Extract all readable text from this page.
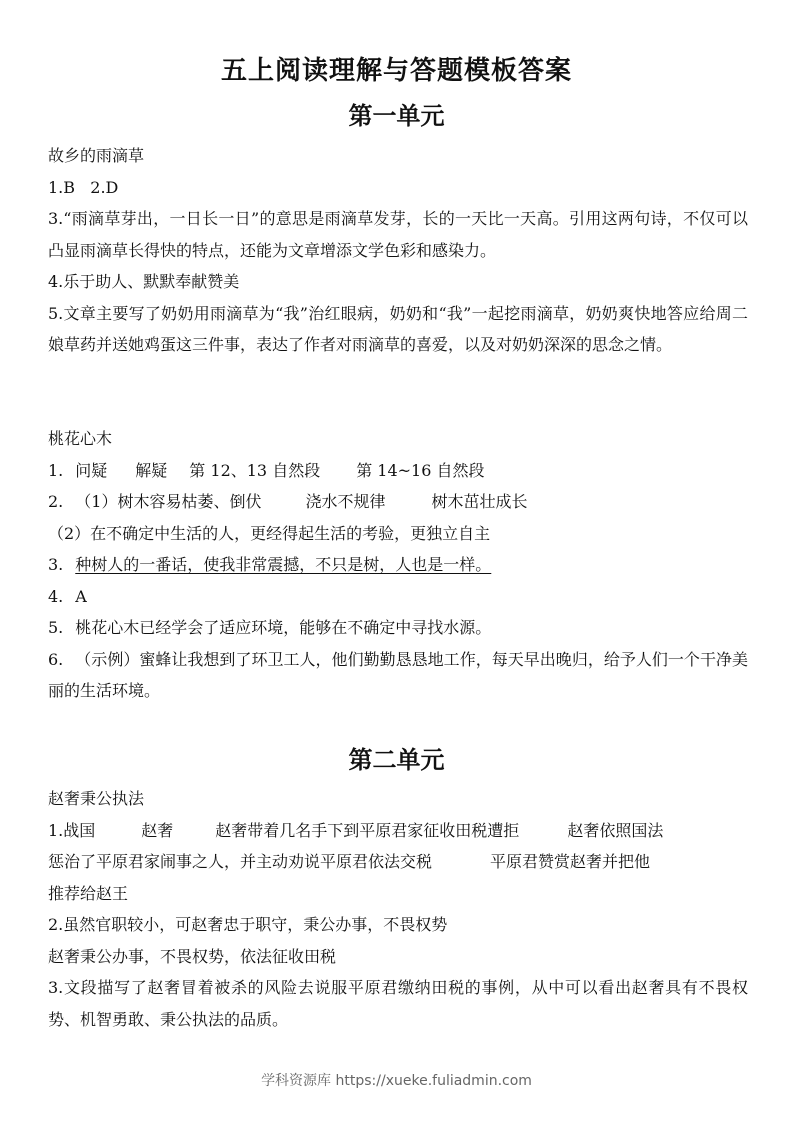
五上阅读理解与答题模板答案
第一单元
故乡的雨滴草
1.B   2.D
3.“雨滴草芽出，一日长一日”的意思是雨滴草发芽，长的一天比一天高。引用这两句诗，不仅可以凸显雨滴草长得快的特点，还能为文章增添文学色彩和感染力。
4.乐于助人、默默奉献赞美
5.文章主要写了奶奶用雨滴草为“我”治红眼病，奶奶和“我”一起挖雨滴草，奶奶爽快地答应给周二娘草药并送她鸡蛋这三件事，表达了作者对雨滴草的喜爱，以及对奶奶深深的思念之情。
桃花心木
1. 问疑 解疑 第 12、13 自然段 第 14~16 自然段
2. （1）树木容易枯萎、倒伏	浇水不规律	树木茁壮成长
（2）在不确定中生活的人，更经得起生活的考验，更独立自主
3. 种树人的一番话，使我非常震撼，不只是树，人也是一样。
4. A
5. 桃花心木已经学会了适应环境，能够在不确定中寻找水源。
6. （示例）蜜蜂让我想到了环卫工人，他们勤勤恳恳地工作，每天早出晚归，给予人们一个干净美丽的生活环境。
第二单元
赵奢秉公执法
1.战国	赵奢	赵奢带着几名手下到平原君家征收田税遭拒	赵奢依照国法
惩治了平原君家闹事之人，并主动劝说平原君依法交税	平原君赞赏赵奢并把他
推荐给赵王
2.虽然官职较小，可赵奢忠于职守，秉公办事，不畏权势
赵奢秉公办事，不畏权势，依法征收田税
3.文段描写了赵奢冒着被杀的风险去说服平原君缴纳田税的事例，从中可以看出赵奢具有不畏权势、机智勇敢、秉公执法的品质。
学科资源库 https://xueke.fuliadmin.com
